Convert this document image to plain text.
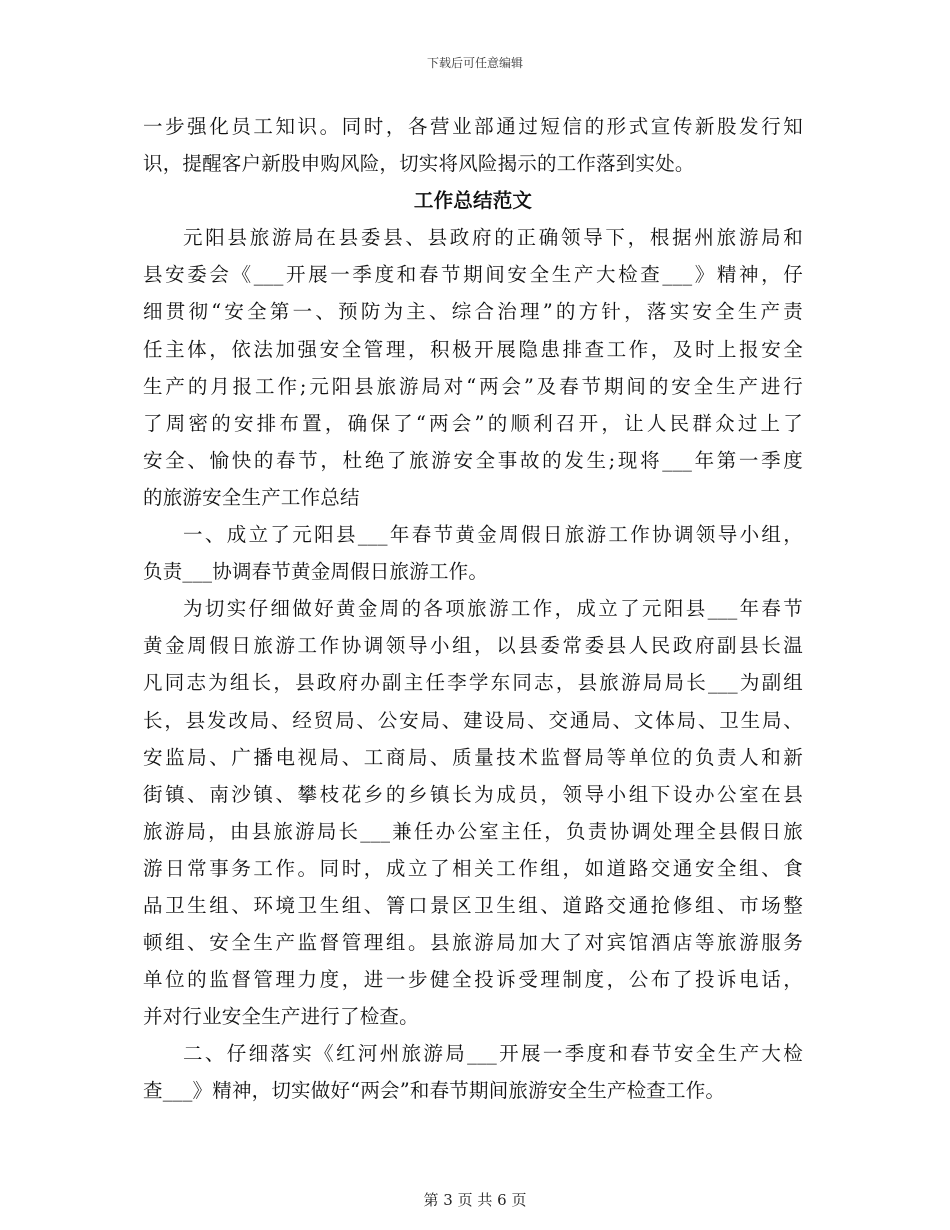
下载后可任意编辑
一步强化员工知识。同时，各营业部通过短信的形式宣传新股发行知
识，提醒客户新股申购风险，切实将风险揭示的工作落到实处。
工作总结范文
元阳县旅游局在县委县、县政府的正确领导下，根据州旅游局和
县安委会《___开展一季度和春节期间安全生产大检查___》精神，仔
细贯彻“安全第一、预防为主、综合治理”的方针，落实安全生产责
任主体，依法加强安全管理，积极开展隐患排查工作，及时上报安全
生产的月报工作;元阳县旅游局对“两会”及春节期间的安全生产进行
了周密的安排布置，确保了“两会”的顺利召开，让人民群众过上了
安全、愉快的春节，杜绝了旅游安全事故的发生;现将___年第一季度
的旅游安全生产工作总结
一、成立了元阳县___年春节黄金周假日旅游工作协调领导小组，
负责___协调春节黄金周假日旅游工作。
为切实仔细做好黄金周的各项旅游工作，成立了元阳县___年春节
黄金周假日旅游工作协调领导小组，以县委常委县人民政府副县长温
凡同志为组长，县政府办副主任李学东同志，县旅游局局长___为副组
长，县发改局、经贸局、公安局、建设局、交通局、文体局、卫生局、
安监局、广播电视局、工商局、质量技术监督局等单位的负责人和新
街镇、南沙镇、攀枝花乡的乡镇长为成员，领导小组下设办公室在县
旅游局，由县旅游局长___兼任办公室主任，负责协调处理全县假日旅
游日常事务工作。同时，成立了相关工作组，如道路交通安全组、食
品卫生组、环境卫生组、箐口景区卫生组、道路交通抢修组、市场整
顿组、安全生产监督管理组。县旅游局加大了对宾馆酒店等旅游服务
单位的监督管理力度，进一步健全投诉受理制度，公布了投诉电话，
并对行业安全生产进行了检查。
二、仔细落实《红河州旅游局___开展一季度和春节安全生产大检
查___》精神，切实做好“两会”和春节期间旅游安全生产检查工作。
第 3 页 共 6 页
